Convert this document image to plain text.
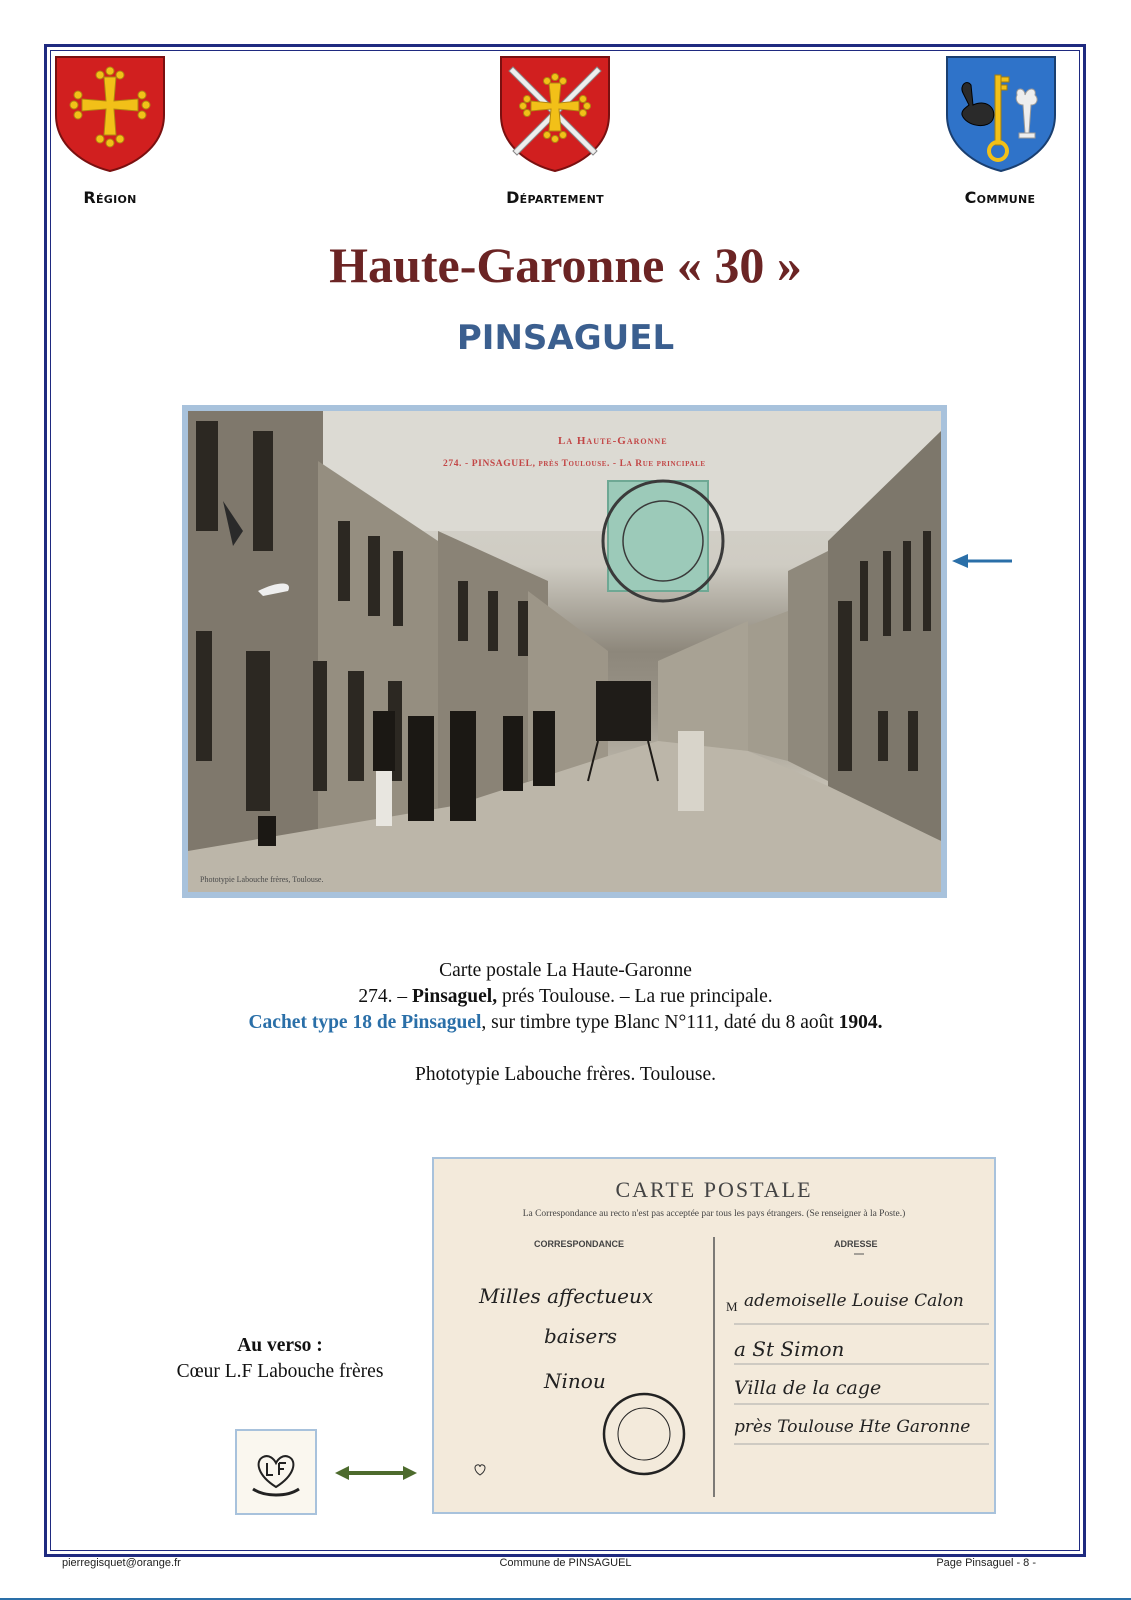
Région	Département	Commune
Haute-Garonne « 30 »
PINSAGUEL
La Haute-Garonne
274. - PINSAGUEL, près Toulouse. - La Rue principale
Phototypie Labouche frères, Toulouse.
Carte postale La Haute-Garonne
274. – Pinsaguel, prés Toulouse. – La rue principale.
Cachet type 18 de Pinsaguel, sur timbre type Blanc N°111, daté du 8 août 1904.
Phototypie Labouche frères. Toulouse.
Au verso :
Cœur L.F Labouche frères
CARTE POSTALE
La Correspondance au recto n'est pas acceptée par tous les pays étrangers. (Se renseigner à la Poste.)
CORRESPONDANCE	ADRESSE
Milles affectueux
baisers
Ninou
M ademoiselle Louise Calon
a St Simon
Villa de la cage
près Toulouse Hte Garonne
pierregisquet@orange.fr	Commune de PINSAGUEL	Page Pinsaguel - 8 -
